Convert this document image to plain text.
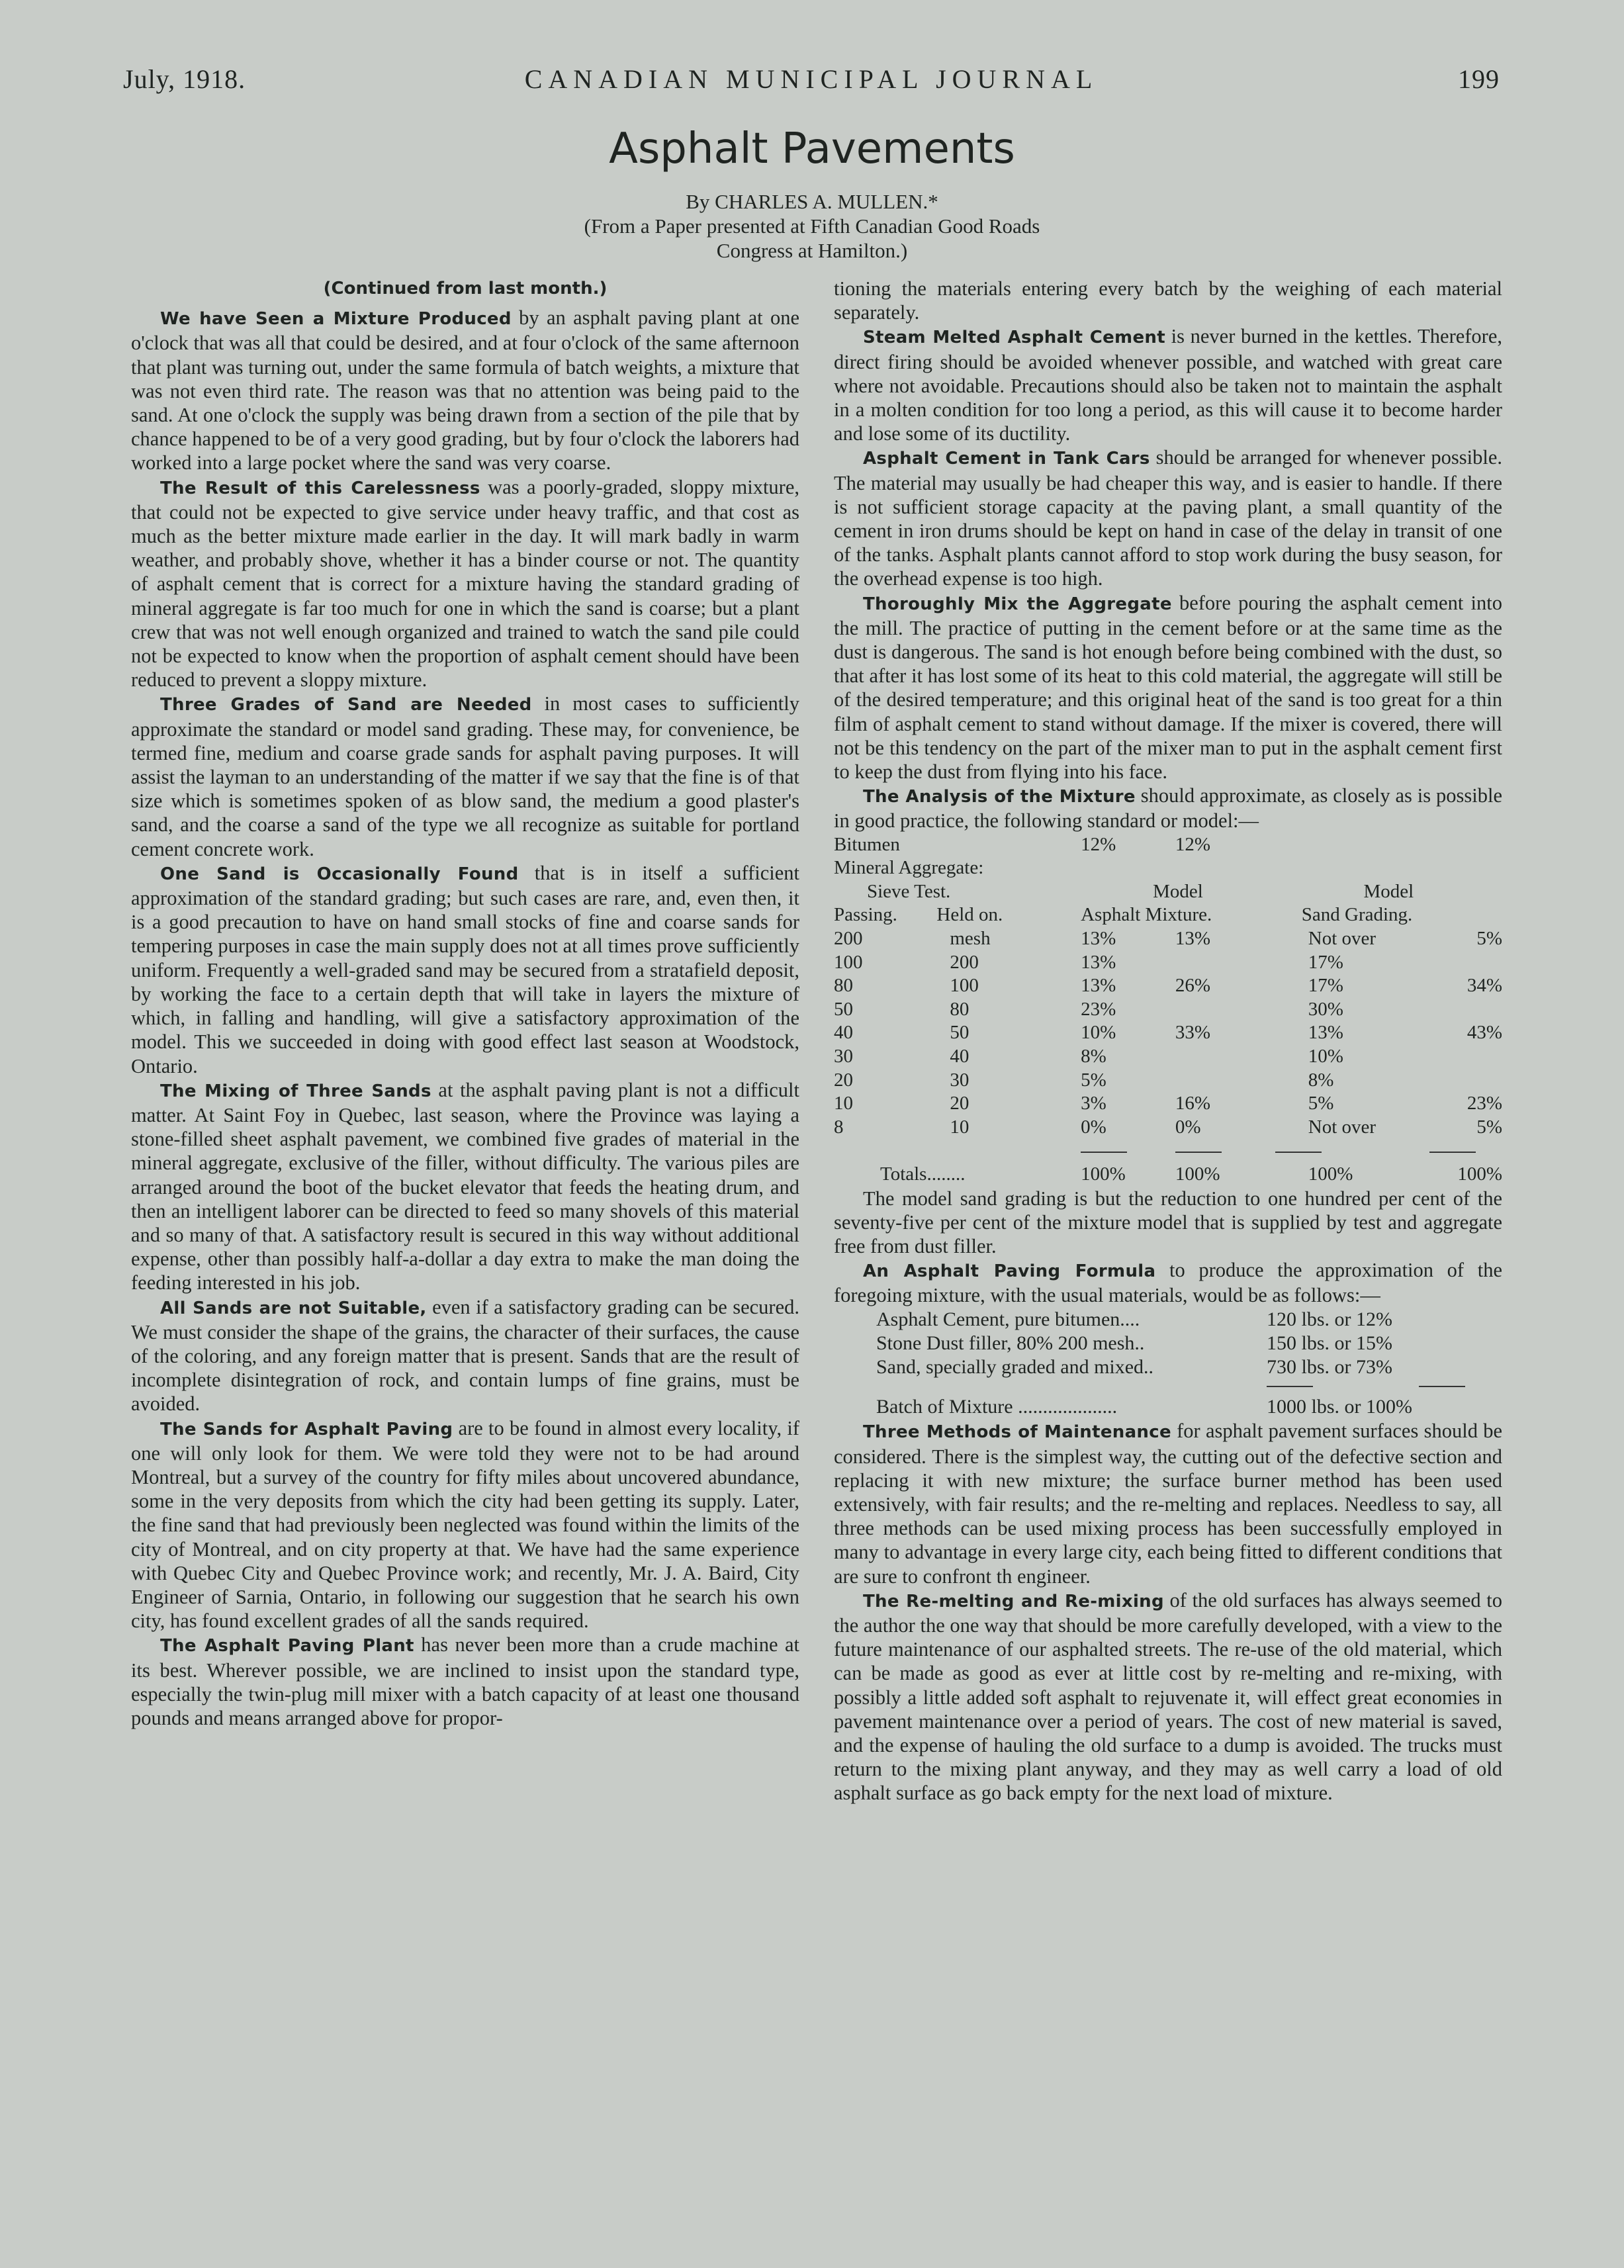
July, 1918.	CANADIAN MUNICIPAL JOURNAL	199
Asphalt Pavements
By CHARLES A. MULLEN.*
(From a Paper presented at Fifth Canadian Good Roads
Congress at Hamilton.)

(Continued from last month.)

We have Seen a Mixture Produced by an asphalt paving plant at one o'clock that was all that could be desired, and at four o'clock of the same afternoon that plant was turning out, under the same formula of batch weights, a mixture that was not even third rate. The reason was that no attention was being paid to the sand. At one o'clock the supply was being drawn from a section of the pile that by chance happened to be of a very good grading, but by four o'clock the laborers had worked into a large pocket where the sand was very coarse.

The Result of this Carelessness was a poorly-graded, sloppy mixture, that could not be expected to give service under heavy traffic, and that cost as much as the better mixture made earlier in the day. It will mark badly in warm weather, and probably shove, whether it has a binder course or not. The quantity of asphalt cement that is correct for a mixture having the standard grading of mineral aggregate is far too much for one in which the sand is coarse; but a plant crew that was not well enough organized and trained to watch the sand pile could not be expected to know when the proportion of asphalt cement should have been reduced to prevent a sloppy mixture.

Three Grades of Sand are Needed in most cases to sufficiently approximate the standard or model sand grading. These may, for convenience, be termed fine, medium and coarse grade sands for asphalt paving purposes. It will assist the layman to an understanding of the matter if we say that the fine is of that size which is sometimes spoken of as blow sand, the medium a good plaster's sand, and the coarse a sand of the type we all recognize as suitable for portland cement concrete work.

One Sand is Occasionally Found that is in itself a sufficient approximation of the standard grading; but such cases are rare, and, even then, it is a good precaution to have on hand small stocks of fine and coarse sands for tempering purposes in case the main supply does not at all times prove sufficiently uniform. Frequently a well-graded sand may be secured from a stratafield deposit, by working the face to a certain depth that will take in layers the mixture of which, in falling and handling, will give a satisfactory approximation of the model. This we succeeded in doing with good effect last season at Woodstock, Ontario.

The Mixing of Three Sands at the asphalt paving plant is not a difficult matter. At Saint Foy in Quebec, last season, where the Province was laying a stone-filled sheet asphalt pavement, we combined five grades of material in the mineral aggregate, exclusive of the filler, without difficulty. The various piles are arranged around the boot of the bucket elevator that feeds the heating drum, and then an intelligent laborer can be directed to feed so many shovels of this material and so many of that. A satisfactory result is secured in this way without additional expense, other than possibly half-a-dollar a day extra to make the man doing the feeding interested in his job.

All Sands are not Suitable, even if a satisfactory grading can be secured. We must consider the shape of the grains, the character of their surfaces, the cause of the coloring, and any foreign matter that is present. Sands that are the result of incomplete disintegration of rock, and contain lumps of fine grains, must be avoided.

The Sands for Asphalt Paving are to be found in almost every locality, if one will only look for them. We were told they were not to be had around Montreal, but a survey of the country for fifty miles about uncovered abundance, some in the very deposits from which the city had been getting its supply. Later, the fine sand that had previously been neglected was found within the limits of the city of Montreal, and on city property at that. We have had the same experience with Quebec City and Quebec Province work; and recently, Mr. J. A. Baird, City Engineer of Sarnia, Ontario, in following our suggestion that he search his own city, has found excellent grades of all the sands required.

The Asphalt Paving Plant has never been more than a crude machine at its best. Wherever possible, we are inclined to insist upon the standard type, especially the twin-plug mill mixer with a batch capacity of at least one thousand pounds and means arranged above for propor-

tioning the materials entering every batch by the weighing of each material separately.

Steam Melted Asphalt Cement is never burned in the kettles. Therefore, direct firing should be avoided whenever possible, and watched with great care where not avoidable. Precautions should also be taken not to maintain the asphalt in a molten condition for too long a period, as this will cause it to become harder and lose some of its ductility.

Asphalt Cement in Tank Cars should be arranged for whenever possible. The material may usually be had cheaper this way, and is easier to handle. If there is not sufficient storage capacity at the paving plant, a small quantity of the cement in iron drums should be kept on hand in case of the delay in transit of one of the tanks. Asphalt plants cannot afford to stop work during the busy season, for the overhead expense is too high.

Thoroughly Mix the Aggregate before pouring the asphalt cement into the mill. The practice of putting in the cement before or at the same time as the dust is dangerous. The sand is hot enough before being combined with the dust, so that after it has lost some of its heat to this cold material, the aggregate will still be of the desired temperature; and this original heat of the sand is too great for a thin film of asphalt cement to stand without damage. If the mixer is covered, there will not be this tendency on the part of the mixer man to put in the asphalt cement first to keep the dust from flying into his face.

The Analysis of the Mixture should approximate, as closely as is possible in good practice, the following standard or model:—

Bitumen		12%	12%		
Mineral Aggregate:					
Sieve Test.		Model		Model	
Passing.	Held on.	Asphalt Mixture.		Sand Grading.	
200	mesh	13%	13%	Not over	5%
100	200	13%		17%	
80	100	13%	26%	17%	34%
50	80	23%		30%	
40	50	10%	33%	13%	43%
30	40	8%		10%	
20	30	5%		8%	
10	20	3%	16%	5%	23%
8	10	0%	0%	Not over	5%

Totals........		100%	100%	100%	100%

The model sand grading is but the reduction to one hundred per cent of the seventy-five per cent of the mixture model that is supplied by test and aggregate free from dust filler.

An Asphalt Paving Formula to produce the approximation of the foregoing mixture, with the usual materials, would be as follows:—

Asphalt Cement, pure bitumen....	120 lbs. or 12%
Stone Dust filler, 80% 200 mesh..	150 lbs. or 15%
Sand, specially graded and mixed..	730 lbs. or 73%
Batch of Mixture ....................	1000 lbs. or 100%

Three Methods of Maintenance for asphalt pavement surfaces should be considered. There is the simplest way, the cutting out of the defective section and replacing it with new mixture; the surface burner method has been used extensively, with fair results; and the re-melting and replaces. Needless to say, all three methods can be used mixing process has been successfully employed in many to advantage in every large city, each being fitted to different conditions that are sure to confront th engineer.

The Re-melting and Re-mixing of the old surfaces has always seemed to the author the one way that should be more carefully developed, with a view to the future maintenance of our asphalted streets. The re-use of the old material, which can be made as good as ever at little cost by re-melting and re-mixing, with possibly a little added soft asphalt to rejuvenate it, will effect great economies in pavement maintenance over a period of years. The cost of new material is saved, and the expense of hauling the old surface to a dump is avoided. The trucks must return to the mixing plant anyway, and they may as well carry a load of old asphalt surface as go back empty for the next load of mixture.
